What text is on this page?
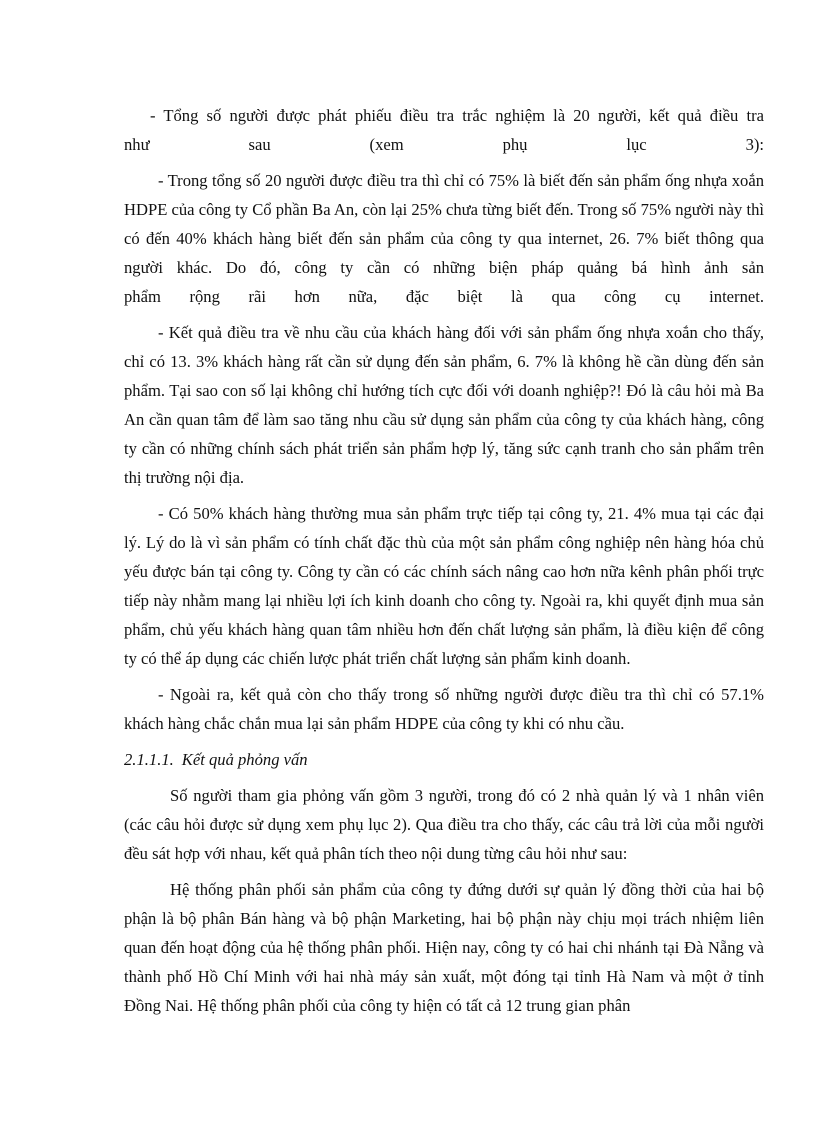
- Tổng số người được phát phiếu điều tra trắc nghiệm là 20 người, kết quả điều tra
như sau (xem phụ lục 3):
- Trong tổng số 20 người được điều tra thì chỉ có 75% là biết đến sản phẩm ống nhựa xoắn HDPE của công ty Cổ phần Ba An, còn lại 25% chưa từng biết đến. Trong số 75% người này thì có đến 40% khách hàng biết đến sản phẩm của công ty qua internet, 26. 7% biết thông qua người khác. Do đó, công ty cần có những biện pháp quảng bá hình ảnh sản
phẩm rộng rãi hơn nữa, đặc biệt là qua công cụ internet.

- Kết quả điều tra về nhu cầu của khách hàng đối với sản phẩm ống nhựa xoắn cho thấy, chỉ có 13. 3% khách hàng rất cần sử dụng đến sản phẩm, 6. 7% là không hề cần dùng đến sản phẩm. Tại sao con số lại không chỉ hướng tích cực đối với doanh nghiệp?! Đó là câu hỏi mà Ba An cần quan tâm để làm sao tăng nhu cầu sử dụng sản phẩm của công ty của khách hàng, công ty cần có những chính sách phát triển sản phẩm hợp lý, tăng sức cạnh tranh cho sản phẩm trên thị trường nội địa.

- Có 50% khách hàng thường mua sản phẩm trực tiếp tại công ty, 21. 4% mua tại các đại lý. Lý do là vì sản phẩm có tính chất đặc thù của một sản phẩm công nghiệp nên hàng hóa chủ yếu được bán tại công ty. Công ty cần có các chính sách nâng cao hơn nữa kênh phân phối trực tiếp này nhằm mang lại nhiều lợi ích kinh doanh cho công ty. Ngoài ra, khi quyết định mua sản phẩm, chủ yếu khách hàng quan tâm nhiều hơn đến chất lượng sản phẩm, là điều kiện để công ty có thể áp dụng các chiến lược phát triển chất lượng sản phẩm kinh doanh.

- Ngoài ra, kết quả còn cho thấy trong số những người được điều tra thì chỉ có 57.1% khách hàng chắc chắn mua lại sản phẩm HDPE của công ty khi có nhu cầu.

2.1.1.1. Kết quả phỏng vấn

Số người tham gia phỏng vấn gồm 3 người, trong đó có 2 nhà quản lý và 1 nhân viên (các câu hỏi được sử dụng xem phụ lục 2). Qua điều tra cho thấy, các câu trả lời của mỗi người đều sát hợp với nhau, kết quả phân tích theo nội dung từng câu hỏi như sau:

Hệ thống phân phối sản phẩm của công ty đứng dưới sự quản lý đồng thời của hai bộ phận là bộ phân Bán hàng và bộ phận Marketing, hai bộ phận này chịu mọi trách nhiệm liên quan đến hoạt động của hệ thống phân phối. Hiện nay, công ty có hai chi nhánh tại Đà Nẵng và thành phố Hồ Chí Minh với hai nhà máy sản xuất, một đóng tại tỉnh Hà Nam và một ở tỉnh Đồng Nai. Hệ thống phân phối của công ty hiện có tất cả 12 trung gian phân
